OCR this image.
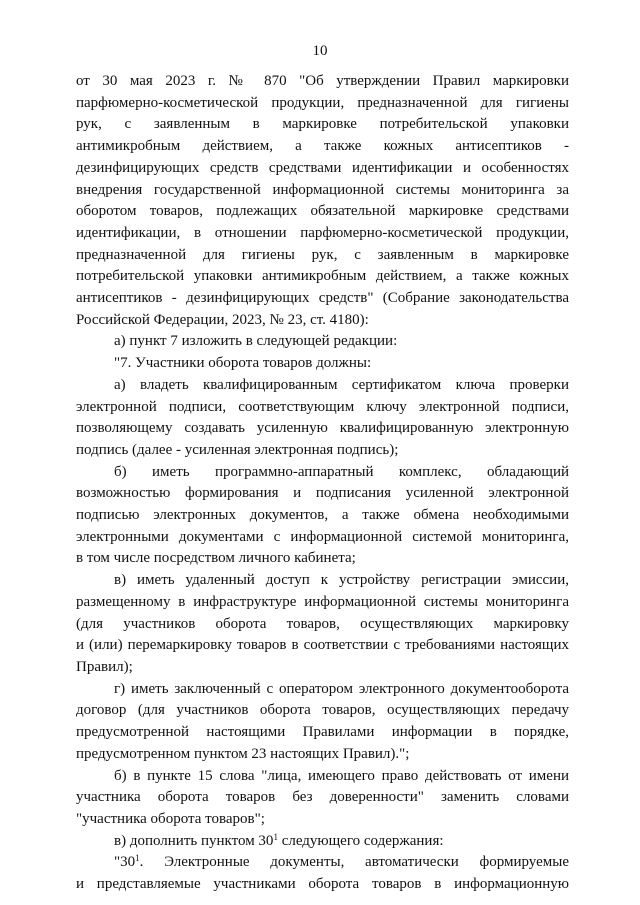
10

от 30 мая 2023 г. № 870 "Об утверждении Правил маркировки
парфюмерно-косметической продукции, предназначенной для гигиены
рук, с заявленным в маркировке потребительской упаковки
антимикробным действием, а также кожных антисептиков -
дезинфицирующих средств средствами идентификации и особенностях
внедрения государственной информационной системы мониторинга за
оборотом товаров, подлежащих обязательной маркировке средствами
идентификации, в отношении парфюмерно-косметической продукции,
предназначенной для гигиены рук, с заявленным в маркировке
потребительской упаковки антимикробным действием, а также кожных
антисептиков - дезинфицирующих средств" (Собрание законодательства
Российской Федерации, 2023, № 23, ст. 4180):

а) пункт 7 изложить в следующей редакции:

"7. Участники оборота товаров должны:

а) владеть квалифицированным сертификатом ключа проверки
электронной подписи, соответствующим ключу электронной подписи,
позволяющему создавать усиленную квалифицированную электронную
подпись (далее - усиленная электронная подпись);

б) иметь программно-аппаратный комплекс, обладающий
возможностью формирования и подписания усиленной электронной
подписью электронных документов, а также обмена необходимыми
электронными документами с информационной системой мониторинга,
в том числе посредством личного кабинета;

в) иметь удаленный доступ к устройству регистрации эмиссии,
размещенному в инфраструктуре информационной системы мониторинга
(для участников оборота товаров, осуществляющих маркировку
и (или) перемаркировку товаров в соответствии с требованиями настоящих
Правил);

г) иметь заключенный с оператором электронного документооборота
договор (для участников оборота товаров, осуществляющих передачу
предусмотренной настоящими Правилами информации в порядке,
предусмотренном пунктом 23 настоящих Правил).";

б) в пункте 15 слова "лица, имеющего право действовать от имени
участника оборота товаров без доверенности" заменить словами
"участника оборота товаров";

в) дополнить пунктом $30^1$ следующего содержания:

"$30^1$. Электронные документы, автоматически формируемые
и представляемые участниками оборота товаров в информационную
